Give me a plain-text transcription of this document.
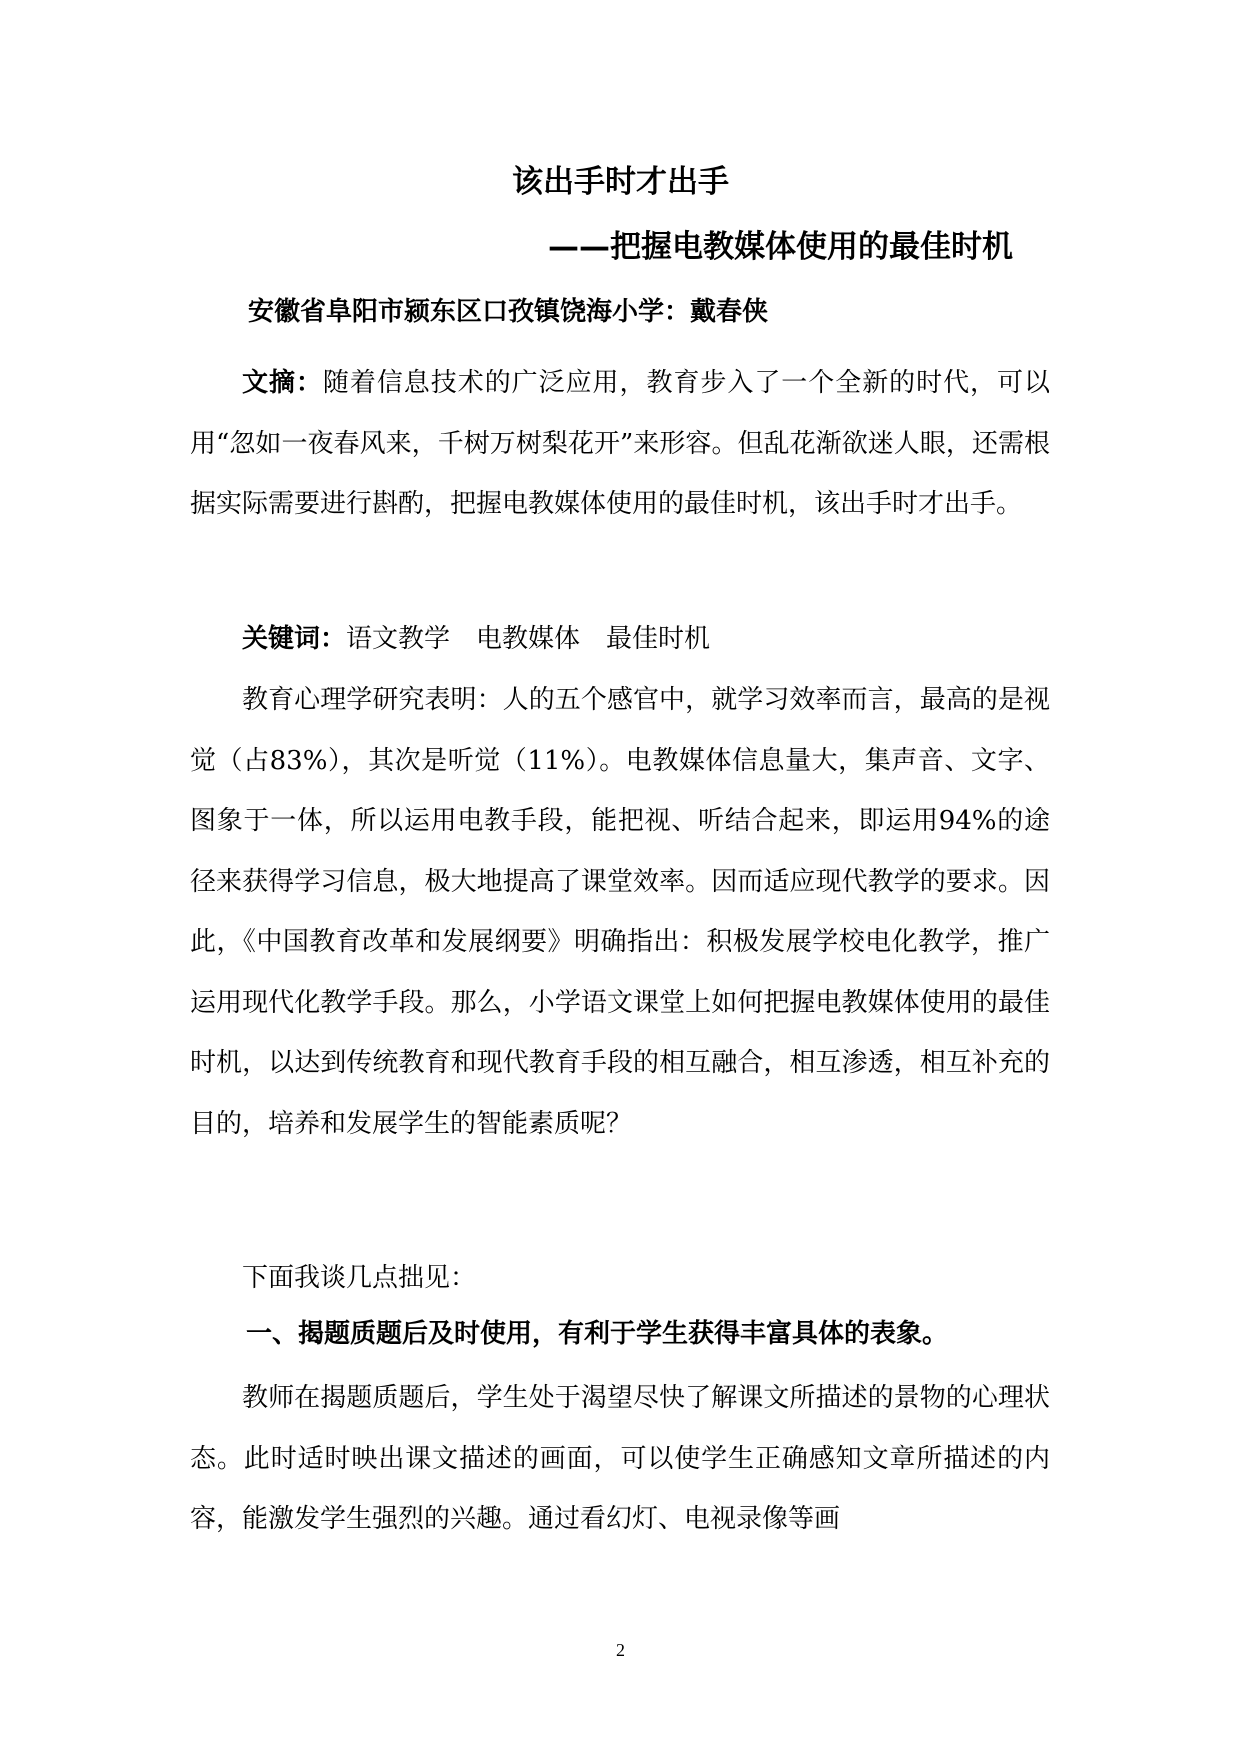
该出手时才出手
——把握电教媒体使用的最佳时机
安徽省阜阳市颍东区口孜镇饶海小学：戴春侠

文摘：随着信息技术的广泛应用，教育步入了一个全新的时代，可以用“忽如一夜春风来，千树万树梨花开”来形容。但乱花渐欲迷人眼，还需根据实际需要进行斟酌，把握电教媒体使用的最佳时机，该出手时才出手。

关键词：语文教学 电教媒体 最佳时机

教育心理学研究表明：人的五个感官中，就学习效率而言，最高的是视觉（占83%），其次是听觉（11%）。电教媒体信息量大，集声音、文字、图象于一体，所以运用电教手段，能把视、听结合起来，即运用94%的途径来获得学习信息，极大地提高了课堂效率。因而适应现代教学的要求。因此，《中国教育改革和发展纲要》明确指出：积极发展学校电化教学，推广运用现代化教学手段。那么，小学语文课堂上如何把握电教媒体使用的最佳时机，以达到传统教育和现代教育手段的相互融合，相互渗透，相互补充的目的，培养和发展学生的智能素质呢？

下面我谈几点拙见：

一、揭题质题后及时使用，有利于学生获得丰富具体的表象。

教师在揭题质题后，学生处于渴望尽快了解课文所描述的景物的心理状态。此时适时映出课文描述的画面，可以使学生正确感知文章所描述的内容，能激发学生强烈的兴趣。通过看幻灯、电视录像等画

2
